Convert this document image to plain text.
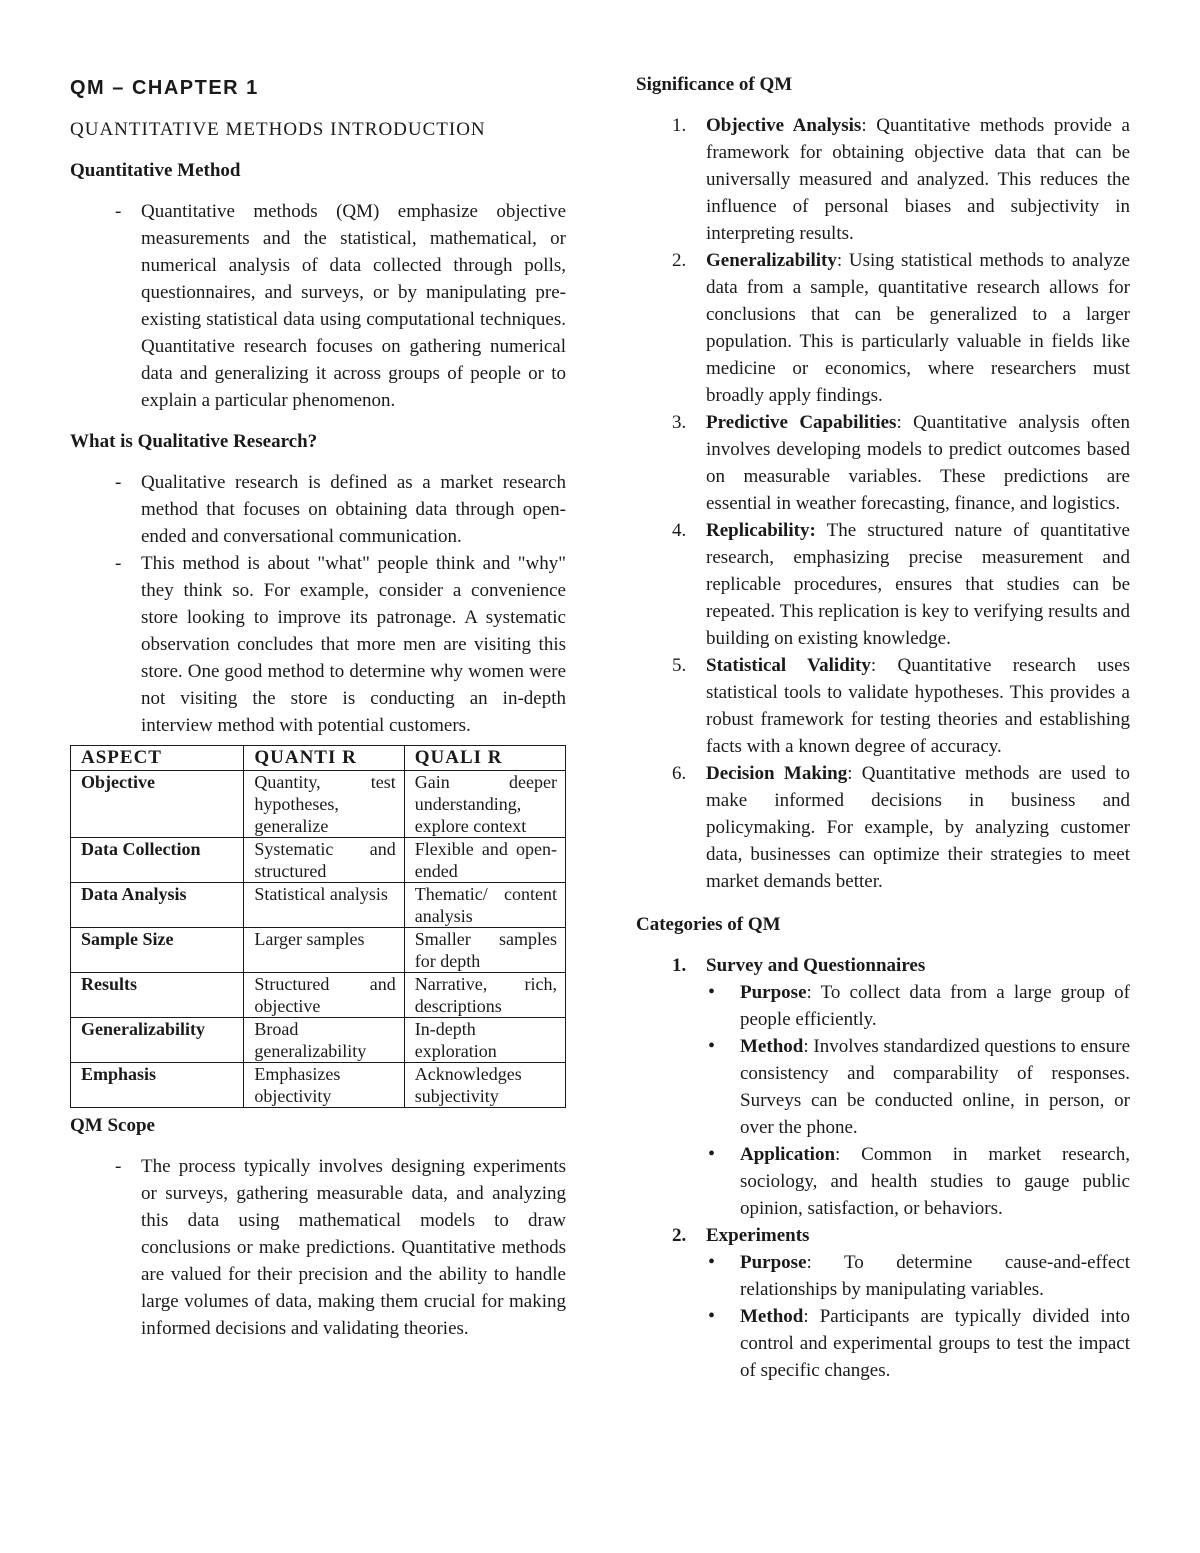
QM – CHAPTER 1
QUANTITATIVE METHODS INTRODUCTION
Quantitative Method
- Quantitative methods (QM) emphasize objective measurements and the statistical, mathematical, or numerical analysis of data collected through polls, questionnaires, and surveys, or by manipulating pre-existing statistical data using computational techniques. Quantitative research focuses on gathering numerical data and generalizing it across groups of people or to explain a particular phenomenon.
What is Qualitative Research?
- Qualitative research is defined as a market research method that focuses on obtaining data through open-ended and conversational communication.
- This method is about "what" people think and "why" they think so. For example, consider a convenience store looking to improve its patronage. A systematic observation concludes that more men are visiting this store. One good method to determine why women were not visiting the store is conducting an in-depth interview method with potential customers.
ASPECT	QUANTI R	QUALI R
Objective	Quantity, test hypotheses, generalize	Gain deeper understanding, explore context
Data Collection	Systematic and structured	Flexible and open-ended
Data Analysis	Statistical analysis	Thematic/ content analysis
Sample Size	Larger samples	Smaller samples for depth
Results	Structured and objective	Narrative, rich, descriptions
Generalizability	Broad generalizability	In-depth exploration
Emphasis	Emphasizes objectivity	Acknowledges subjectivity
QM Scope
- The process typically involves designing experiments or surveys, gathering measurable data, and analyzing this data using mathematical models to draw conclusions or make predictions. Quantitative methods are valued for their precision and the ability to handle large volumes of data, making them crucial for making informed decisions and validating theories.
Significance of QM
1. Objective Analysis: Quantitative methods provide a framework for obtaining objective data that can be universally measured and analyzed. This reduces the influence of personal biases and subjectivity in interpreting results.
2. Generalizability: Using statistical methods to analyze data from a sample, quantitative research allows for conclusions that can be generalized to a larger population. This is particularly valuable in fields like medicine or economics, where researchers must broadly apply findings.
3. Predictive Capabilities: Quantitative analysis often involves developing models to predict outcomes based on measurable variables. These predictions are essential in weather forecasting, finance, and logistics.
4. Replicability: The structured nature of quantitative research, emphasizing precise measurement and replicable procedures, ensures that studies can be repeated. This replication is key to verifying results and building on existing knowledge.
5. Statistical Validity: Quantitative research uses statistical tools to validate hypotheses. This provides a robust framework for testing theories and establishing facts with a known degree of accuracy.
6. Decision Making: Quantitative methods are used to make informed decisions in business and policymaking. For example, by analyzing customer data, businesses can optimize their strategies to meet market demands better.
Categories of QM
1. Survey and Questionnaires
• Purpose: To collect data from a large group of people efficiently.
• Method: Involves standardized questions to ensure consistency and comparability of responses. Surveys can be conducted online, in person, or over the phone.
• Application: Common in market research, sociology, and health studies to gauge public opinion, satisfaction, or behaviors.
2. Experiments
• Purpose: To determine cause-and-effect relationships by manipulating variables.
• Method: Participants are typically divided into control and experimental groups to test the impact of specific changes.
